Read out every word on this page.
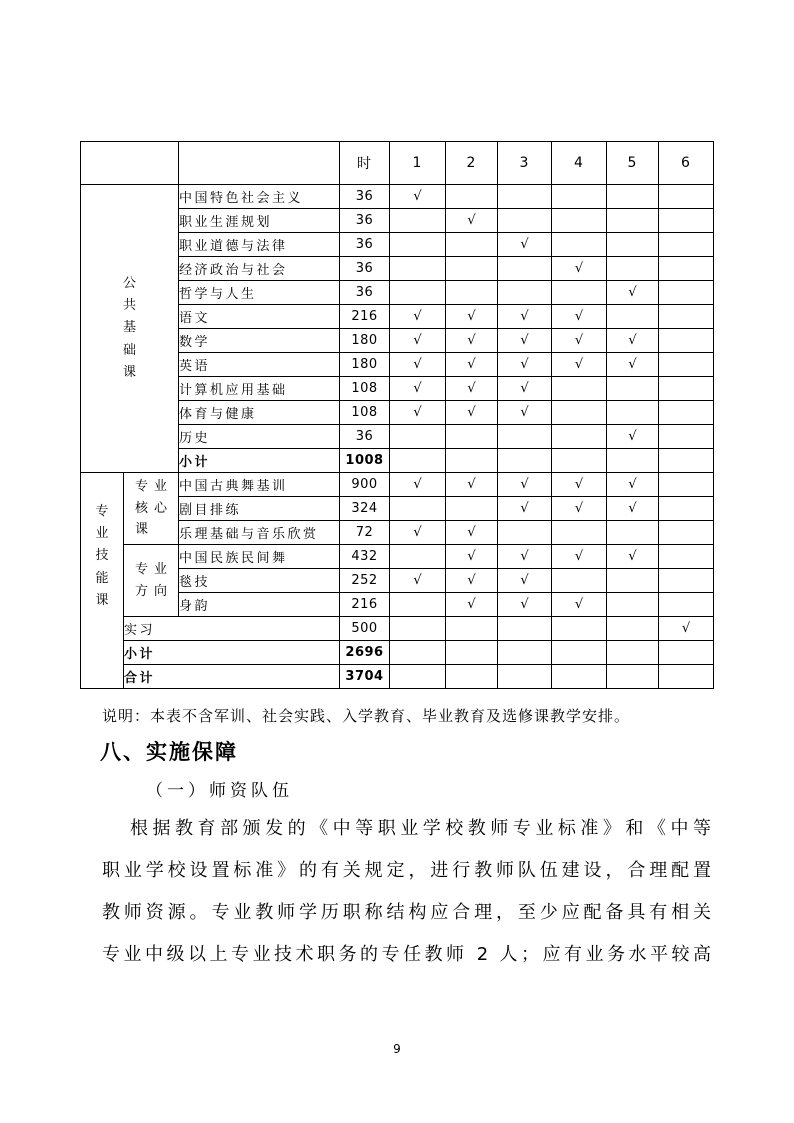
			时	1	2	3	4	5	6

公共基础课		中国特色社会主义	36	√					
		职业生涯规划	36		√				
		职业道德与法律	36			√			
		经济政治与社会	36				√		
		哲学与人生	36					√	
		语文	216	√	√	√	√		
		数学	180	√	√	√	√	√	
		英语	180	√	√	√	√	√	
		计算机应用基础	108	√	√	√			
		体育与健康	108	√	√	√			
		历史	36					√	
		小计	1008						

专业技能课	专业核心课	中国古典舞基训	900	√	√	√	√	√	
		剧目排练	324			√	√	√	
		乐理基础与音乐欣赏	72	√	√				

	专业方向	中国民族民间舞	432		√	√	√	√	
		毯技	252	√	√	√			
		身韵	216		√	√	√		
	实习		500						√
	小计		2696						
	合计		3704						
说明：本表不含军训、社会实践、入学教育、毕业教育及选修课教学安排。
八、实施保障
（一）师资队伍
根据教育部颁发的《中等职业学校教师专业标准》和《中等
职业学校设置标准》的有关规定，进行教师队伍建设，合理配置
教师资源。专业教师学历职称结构应合理，至少应配备具有相关
专业中级以上专业技术职务的专任教师 2 人；应有业务水平较高
9
